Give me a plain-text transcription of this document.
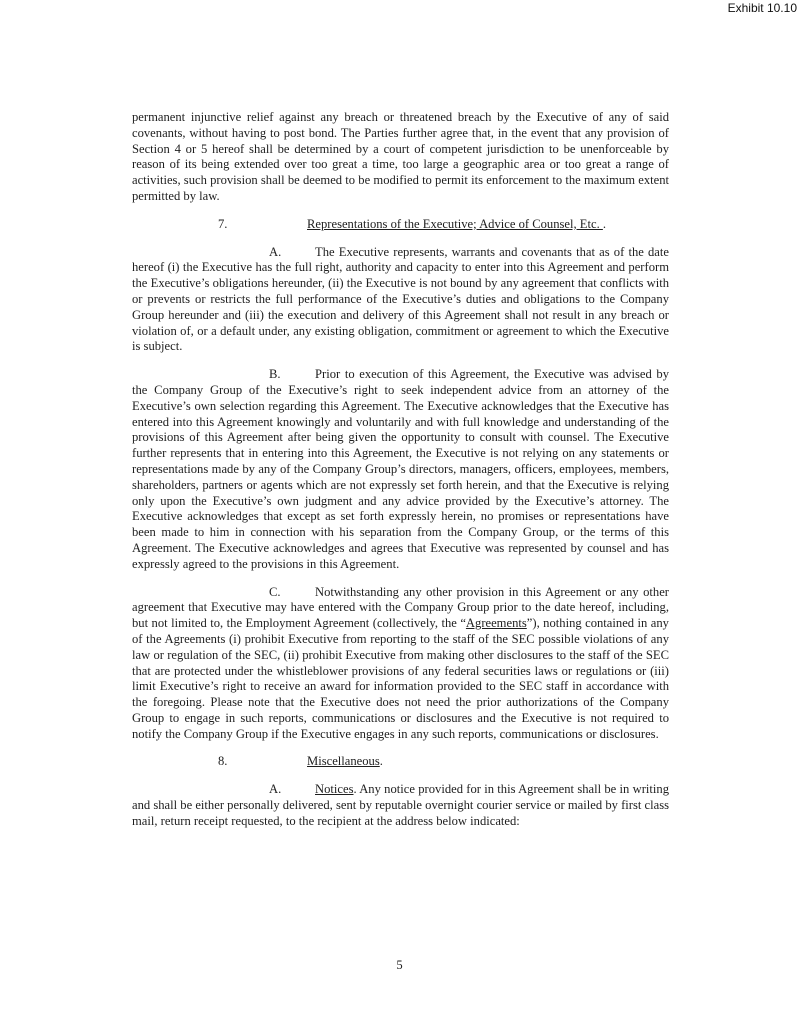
Exhibit 10.10

permanent injunctive relief against any breach or threatened breach by the Executive of any of said covenants, without having to post bond. The Parties further agree that, in the event that any provision of Section 4 or 5 hereof shall be determined by a court of competent jurisdiction to be unenforceable by reason of its being extended over too great a time, too large a geographic area or too great a range of activities, such provision shall be deemed to be modified to permit its enforcement to the maximum extent permitted by law.

7.	Representations of the Executive; Advice of Counsel, Etc. .

A.	The Executive represents, warrants and covenants that as of the date hereof (i) the Executive has the full right, authority and capacity to enter into this Agreement and perform the Executive’s obligations hereunder, (ii) the Executive is not bound by any agreement that conflicts with or prevents or restricts the full performance of the Executive’s duties and obligations to the Company Group hereunder and (iii) the execution and delivery of this Agreement shall not result in any breach or violation of, or a default under, any existing obligation, commitment or agreement to which the Executive is subject.

B.	Prior to execution of this Agreement, the Executive was advised by the Company Group of the Executive’s right to seek independent advice from an attorney of the Executive’s own selection regarding this Agreement. The Executive acknowledges that the Executive has entered into this Agreement knowingly and voluntarily and with full knowledge and understanding of the provisions of this Agreement after being given the opportunity to consult with counsel. The Executive further represents that in entering into this Agreement, the Executive is not relying on any statements or representations made by any of the Company Group’s directors, managers, officers, employees, members, shareholders, partners or agents which are not expressly set forth herein, and that the Executive is relying only upon the Executive’s own judgment and any advice provided by the Executive’s attorney. The Executive acknowledges that except as set forth expressly herein, no promises or representations have been made to him in connection with his separation from the Company Group, or the terms of this Agreement. The Executive acknowledges and agrees that Executive was represented by counsel and has expressly agreed to the provisions in this Agreement.

C.	Notwithstanding any other provision in this Agreement or any other agreement that Executive may have entered with the Company Group prior to the date hereof, including, but not limited to, the Employment Agreement (collectively, the “Agreements”), nothing contained in any of the Agreements (i) prohibit Executive from reporting to the staff of the SEC possible violations of any law or regulation of the SEC, (ii) prohibit Executive from making other disclosures to the staff of the SEC that are protected under the whistleblower provisions of any federal securities laws or regulations or (iii) limit Executive’s right to receive an award for information provided to the SEC staff in accordance with the foregoing. Please note that the Executive does not need the prior authorizations of the Company Group to engage in such reports, communications or disclosures and the Executive is not required to notify the Company Group if the Executive engages in any such reports, communications or disclosures.

8.	Miscellaneous.

A.	Notices. Any notice provided for in this Agreement shall be in writing and shall be either personally delivered, sent by reputable overnight courier service or mailed by first class mail, return receipt requested, to the recipient at the address below indicated:

5
